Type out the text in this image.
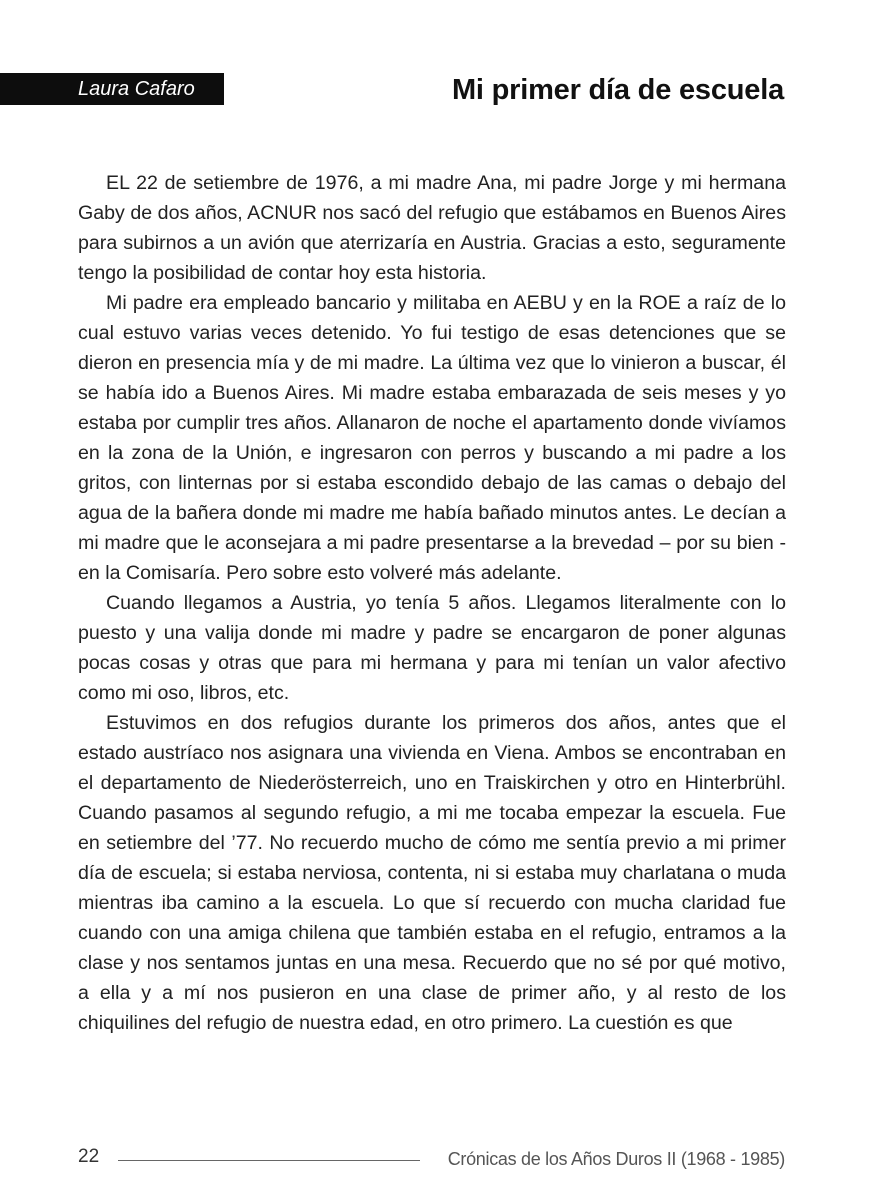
Laura Cafaro	Mi primer día de escuela

EL 22 de setiembre de 1976, a mi madre Ana, mi padre Jorge y mi hermana Gaby de dos años, ACNUR nos sacó del refugio que estábamos en Buenos Aires para subirnos a un avión que aterrizaría en Austria. Gracias a esto, seguramente tengo la posibilidad de contar hoy esta historia.

Mi padre era empleado bancario y militaba en AEBU y en la ROE a raíz de lo cual estuvo varias veces detenido. Yo fui testigo de esas detenciones que se dieron en presencia mía y de mi madre. La última vez que lo vinieron a buscar, él se había ido a Buenos Aires. Mi madre estaba embarazada de seis meses y yo estaba por cumplir tres años. Allanaron de noche el apartamento donde vivíamos en la zona de la Unión, e ingresaron con perros y buscando a mi padre a los gritos, con linternas por si estaba escondido debajo de las camas o debajo del agua de la bañera donde mi madre me había bañado minutos antes. Le decían a mi madre que le aconsejara a mi padre presentarse a la brevedad – por su bien - en la Comisaría. Pero sobre esto volveré más adelante.

Cuando llegamos a Austria, yo tenía 5 años. Llegamos literalmente con lo puesto y una valija donde mi madre y padre se encargaron de poner algunas pocas cosas y otras que para mi hermana y para mi tenían un valor afectivo como mi oso, libros, etc.

Estuvimos en dos refugios durante los primeros dos años, antes que el estado austríaco nos asignara una vivienda en Viena. Ambos se encontraban en el departamento de Niederösterreich, uno en Traiskirchen y otro en Hinterbrühl. Cuando pasamos al segundo refugio, a mi me tocaba empezar la escuela. Fue en setiembre del ’77. No recuerdo mucho de cómo me sentía previo a mi primer día de escuela; si estaba nerviosa, contenta, ni si estaba muy charlatana o muda mientras iba camino a la escuela. Lo que sí recuerdo con mucha claridad fue cuando con una amiga chilena que también estaba en el refugio, entramos a la clase y nos sentamos juntas en una mesa. Recuerdo que no sé por qué motivo, a ella y a mí nos pusieron en una clase de primer año, y al resto de los chiquilines del refugio de nuestra edad, en otro primero. La cuestión es que

22	Crónicas de los Años Duros II (1968 - 1985)
